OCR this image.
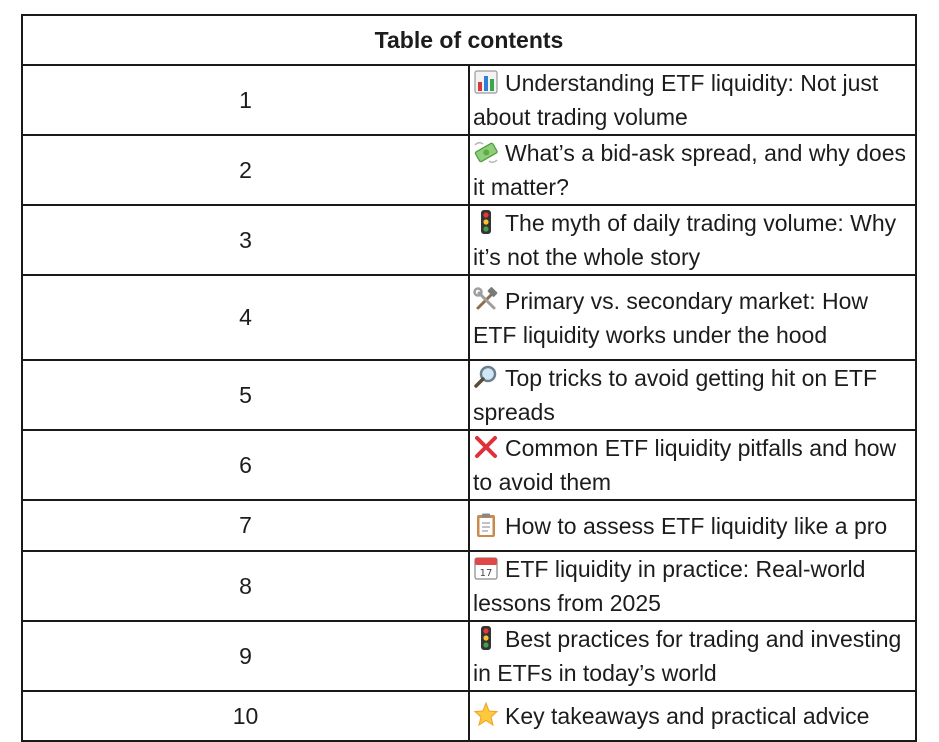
Table of contents	
1	Understanding ETF liquidity: Not just about trading volume
2	What’s a bid-ask spread, and why does it matter?
3	The myth of daily trading volume: Why it’s not the whole story
4	Primary vs. secondary market: How ETF liquidity works under the hood
5	Top tricks to avoid getting hit on ETF spreads
6	Common ETF liquidity pitfalls and how to avoid them
7	How to assess ETF liquidity like a pro
8	17 ETF liquidity in practice: Real-world lessons from 2025
9	Best practices for trading and investing in ETFs in today’s world
10	Key takeaways and practical advice
